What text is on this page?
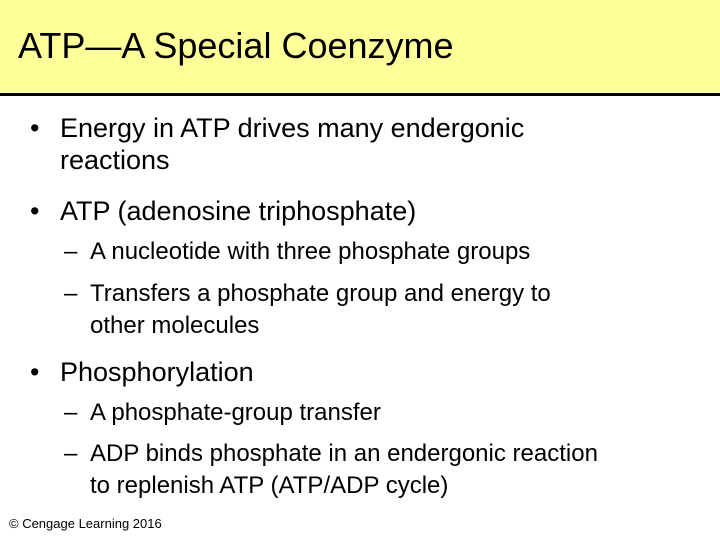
ATP—A Special Coenzyme
• Energy in ATP drives many endergonic
reactions
• ATP (adenosine triphosphate)
– A nucleotide with three phosphate groups
– Transfers a phosphate group and energy to
other molecules
• Phosphorylation
– A phosphate-group transfer
– ADP binds phosphate in an endergonic reaction
to replenish ATP (ATP/ADP cycle)
© Cengage Learning 2016
